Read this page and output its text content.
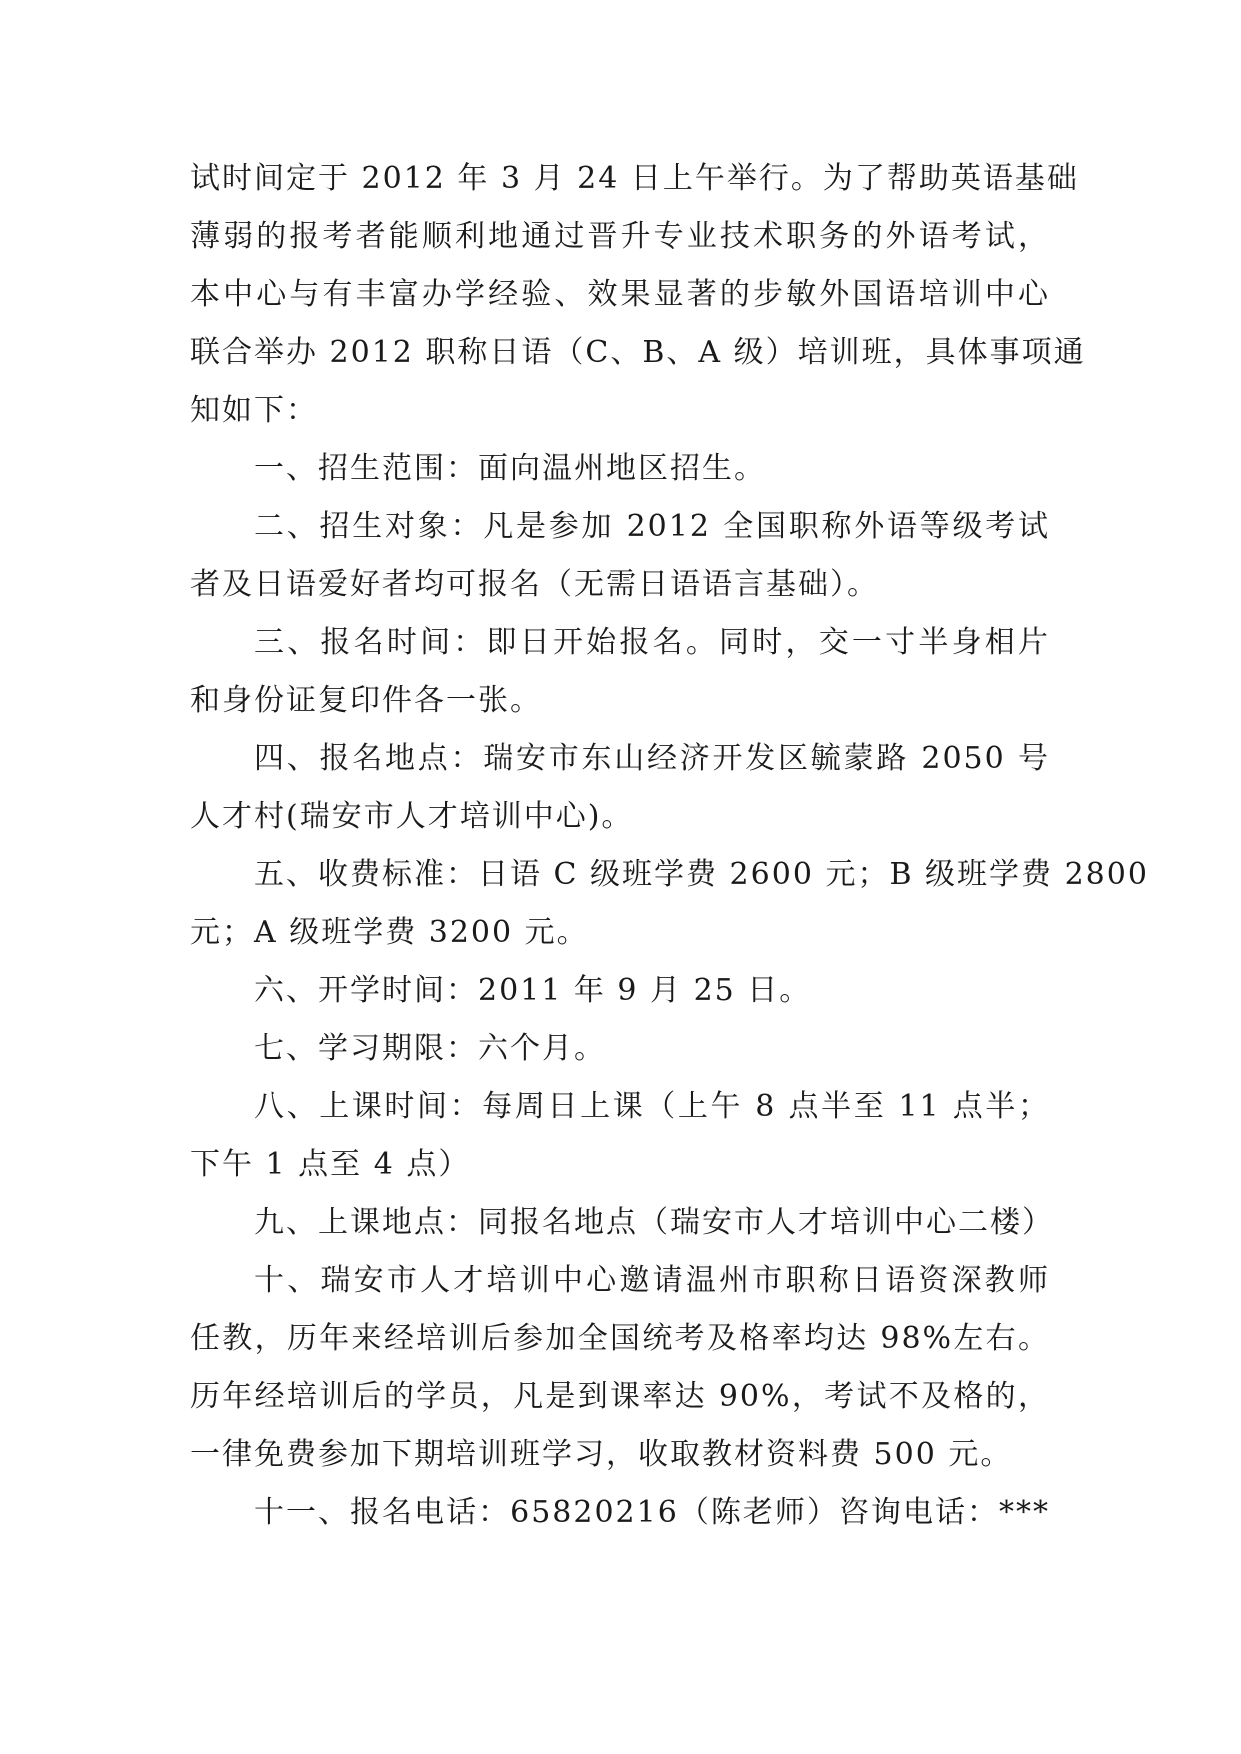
试时间定于 2012 年 3 月 24 日上午举行。为了帮助英语基础
薄弱的报考者能顺利地通过晋升专业技术职务的外语考试，
本中心与有丰富办学经验、效果显著的步敏外国语培训中心
联合举办 2012 职称日语（C、B、A 级）培训班，具体事项通
知如下：
一、招生范围：面向温州地区招生。
二、招生对象：凡是参加 2012 全国职称外语等级考试
者及日语爱好者均可报名（无需日语语言基础）。
三、报名时间：即日开始报名。同时，交一寸半身相片
和身份证复印件各一张。
四、报名地点：瑞安市东山经济开发区毓蒙路 2050 号
人才村(瑞安市人才培训中心)。
五、收费标准：日语 C 级班学费 2600 元；B 级班学费 2800
元；A 级班学费 3200 元。
六、开学时间：2011 年 9 月 25 日。
七、学习期限：六个月。
八、上课时间：每周日上课（上午 8 点半至 11 点半；
下午 1 点至 4 点）
九、上课地点：同报名地点（瑞安市人才培训中心二楼）
十、瑞安市人才培训中心邀请温州市职称日语资深教师
任教，历年来经培训后参加全国统考及格率均达 98%左右。
历年经培训后的学员，凡是到课率达 90%，考试不及格的，
一律免费参加下期培训班学习，收取教材资料费 500 元。
十一、报名电话：65820216（陈老师）咨询电话：***
